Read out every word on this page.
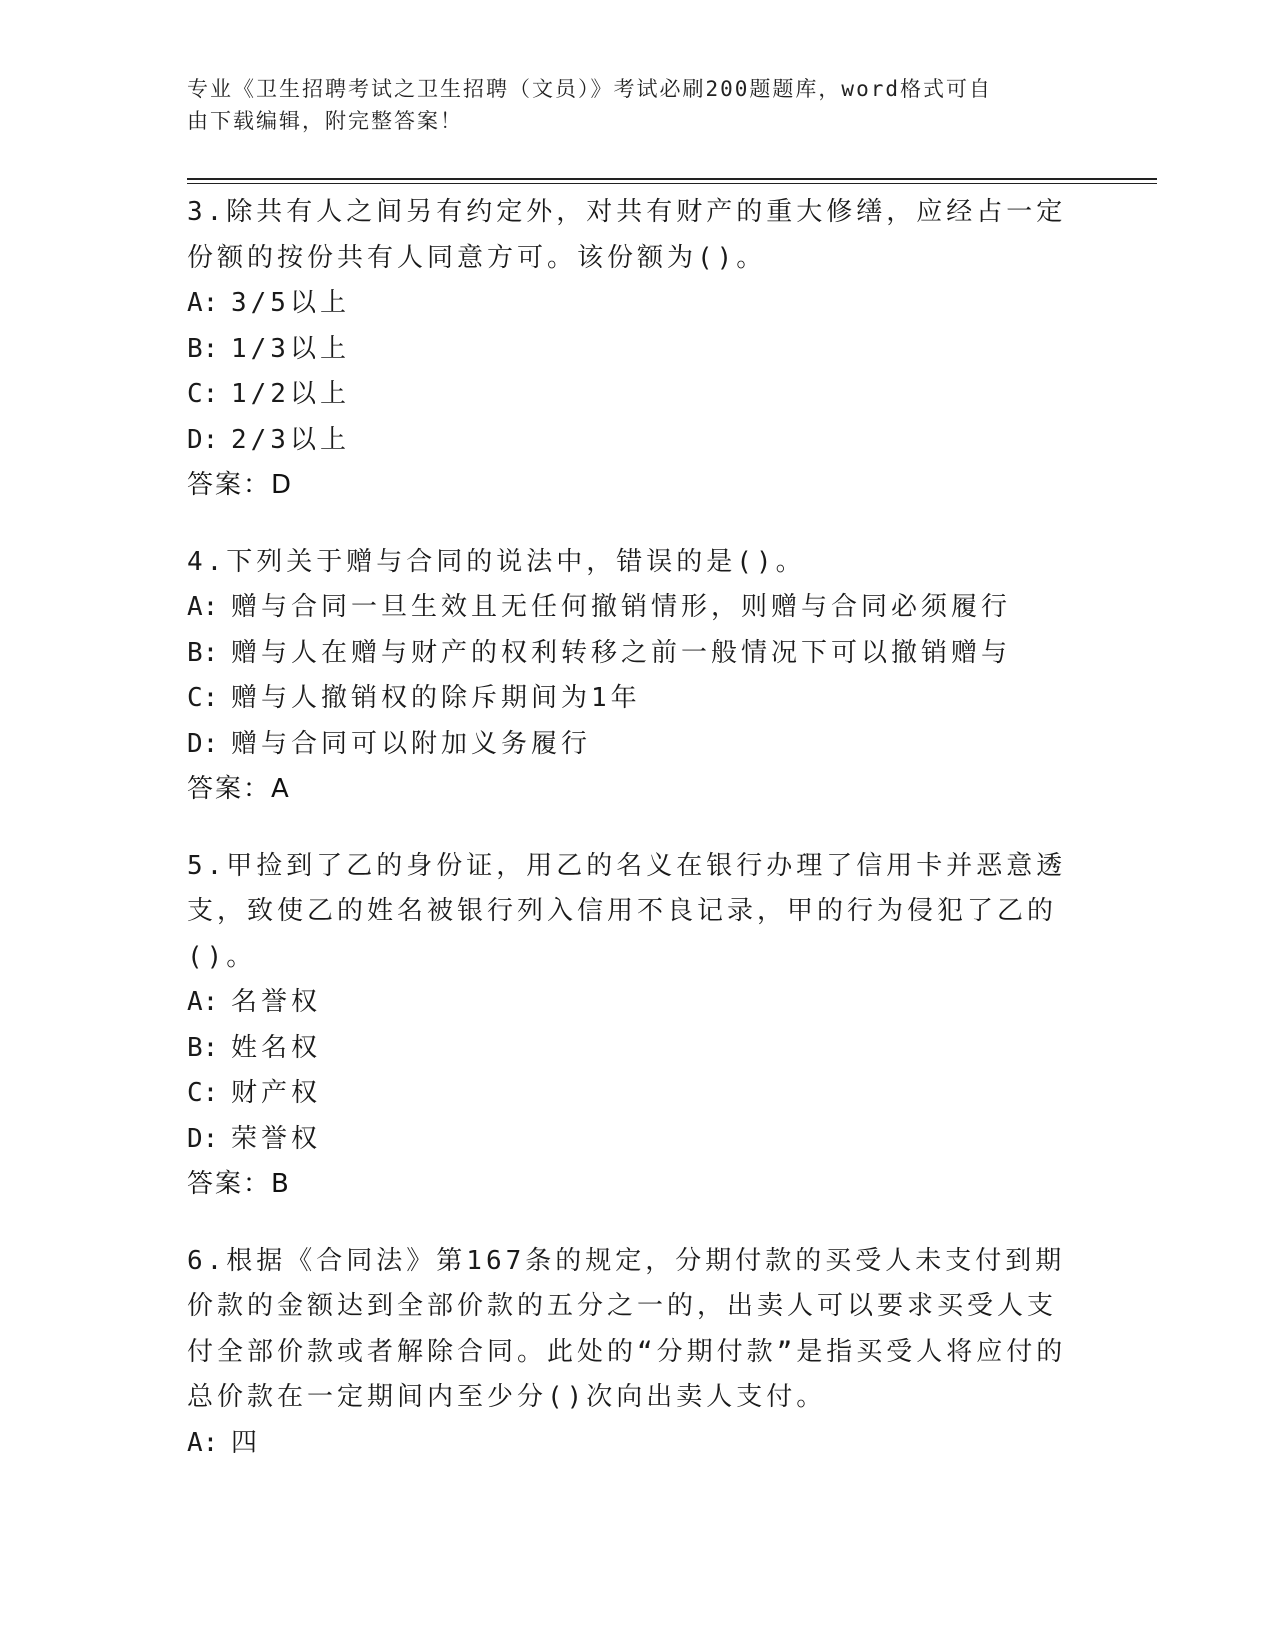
专业《卫生招聘考试之卫生招聘（文员）》考试必刷200题题库，word格式可自
由下载编辑，附完整答案！

3.除共有人之间另有约定外，对共有财产的重大修缮，应经占一定份额的按份共有人同意方可。该份额为()。

A: 3/5以上

B: 1/3以上

C: 1/2以上

D: 2/3以上

答案：D

4.下列关于赠与合同的说法中，错误的是()。

A: 赠与合同一旦生效且无任何撤销情形，则赠与合同必须履行

B: 赠与人在赠与财产的权利转移之前一般情况下可以撤销赠与

C: 赠与人撤销权的除斥期间为1年

D: 赠与合同可以附加义务履行

答案：A

5.甲捡到了乙的身份证，用乙的名义在银行办理了信用卡并恶意透支，致使乙的姓名被银行列入信用不良记录，甲的行为侵犯了乙的()。

A: 名誉权

B: 姓名权

C: 财产权

D: 荣誉权

答案：B

6.根据《合同法》第167条的规定，分期付款的买受人未支付到期价款的金额达到全部价款的五分之一的，出卖人可以要求买受人支付全部价款或者解除合同。此处的“分期付款”是指买受人将应付的总价款在一定期间内至少分()次向出卖人支付。

A: 四
